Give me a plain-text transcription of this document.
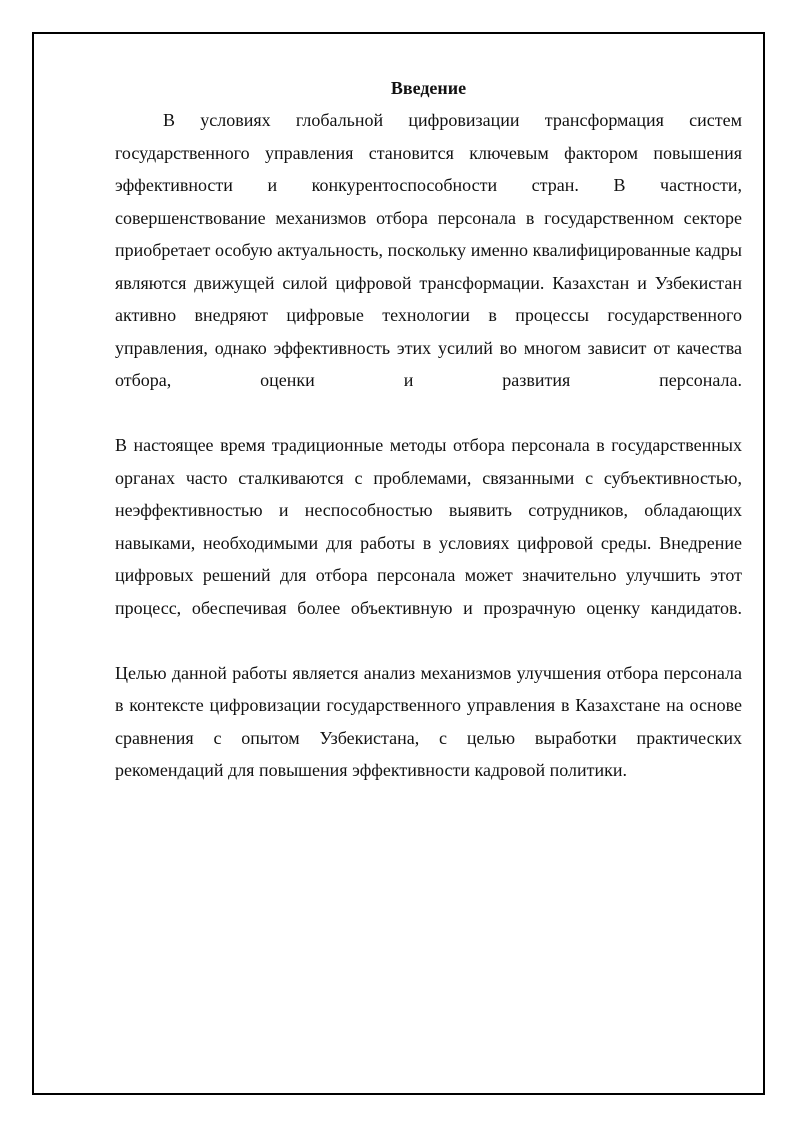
Введение

В условиях глобальной цифровизации трансформация систем государственного управления становится ключевым фактором повышения эффективности и конкурентоспособности стран. В частности, совершенствование механизмов отбора персонала в государственном секторе приобретает особую актуальность, поскольку именно квалифицированные кадры являются движущей силой цифровой трансформации. Казахстан и Узбекистан активно внедряют цифровые технологии в процессы государственного управления, однако эффективность этих усилий во многом зависит от качества отбора, оценки и развития персонала.

В настоящее время традиционные методы отбора персонала в государственных органах часто сталкиваются с проблемами, связанными с субъективностью, неэффективностью и неспособностью выявить сотрудников, обладающих навыками, необходимыми для работы в условиях цифровой среды. Внедрение цифровых решений для отбора персонала может значительно улучшить этот процесс, обеспечивая более объективную и прозрачную оценку кандидатов.

Целью данной работы является анализ механизмов улучшения отбора персонала в контексте цифровизации государственного управления в Казахстане на основе сравнения с опытом Узбекистана, с целью выработки практических рекомендаций для повышения эффективности кадровой политики.
